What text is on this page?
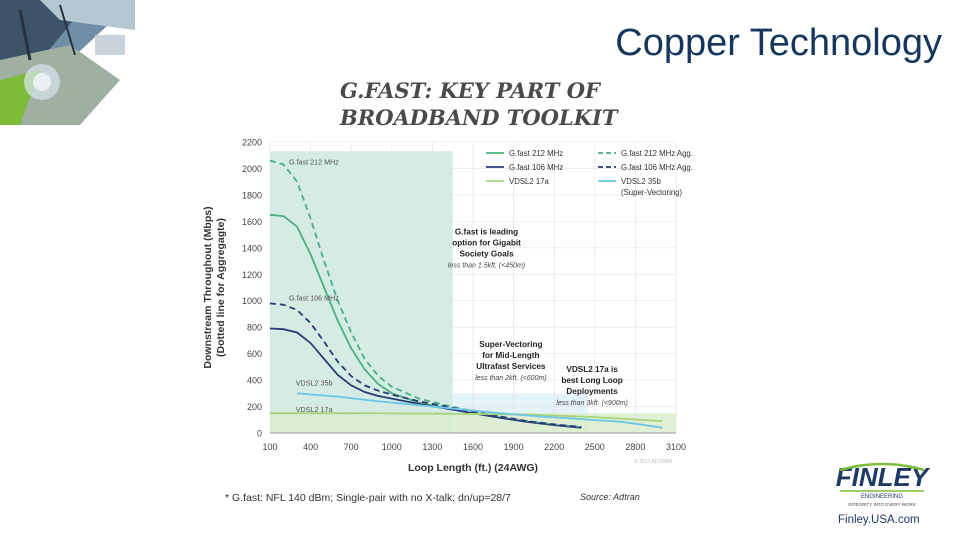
Copper Technology
G.FAST: KEY PART OF
BROADBAND TOOLKIT
0
200
400
600
800
1000
1200
1400
1600
1800
2000
2200
100	400	700	1000 1300 1600 1900 2200 2500 2800 3100
Loop Length (ft.) (24AWG)
Downstream Throughout (Mbps)(Dotted line for Aggregagte)
G.fast 212 MHz
G.fast 106 MHz
G.fast 212 MHz Agg.
G.fast 106 MHz Agg.
VDSL2 17a	VDSL2 35b
(Super-Vectoring)
G.fast is leading
option for Gigabit
Society Goals
less than 1.5kft. (<450m)
Super-Vectoring
for Mid-Length
Ultrafast Services
less than 2kft. (<600m)
VDSL2 17a is
best Long Loop
Deployments
less than 3kft. (<900m)
G.fast 212 MHz
G.fast 106 MHz
VDSL2 35b
VDSL2 17a
© 2017 ADTRAN
* G.fast: NFL 140 dBm; Single-pair with no X-talk; dn/up=28/7	Source: Adtran
FINLEY
ENGINEERING
INTEGRITY INTO EVERY WORK
Finley.USA.com
